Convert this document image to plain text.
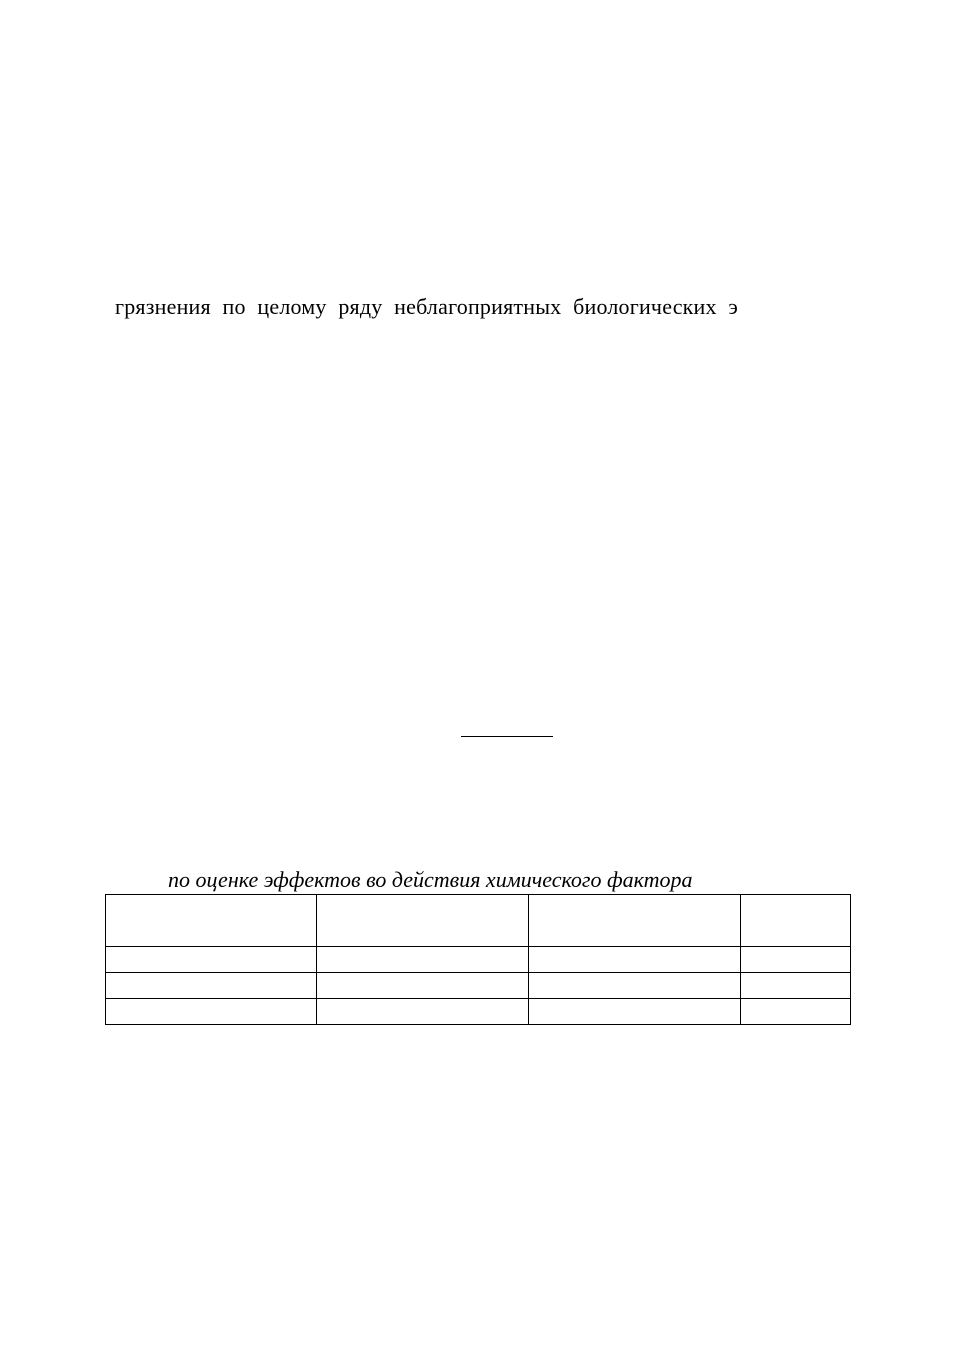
грязнения по целому ряду неблагоприятных биологических э
по оценке эффектов во действия химического фактора
